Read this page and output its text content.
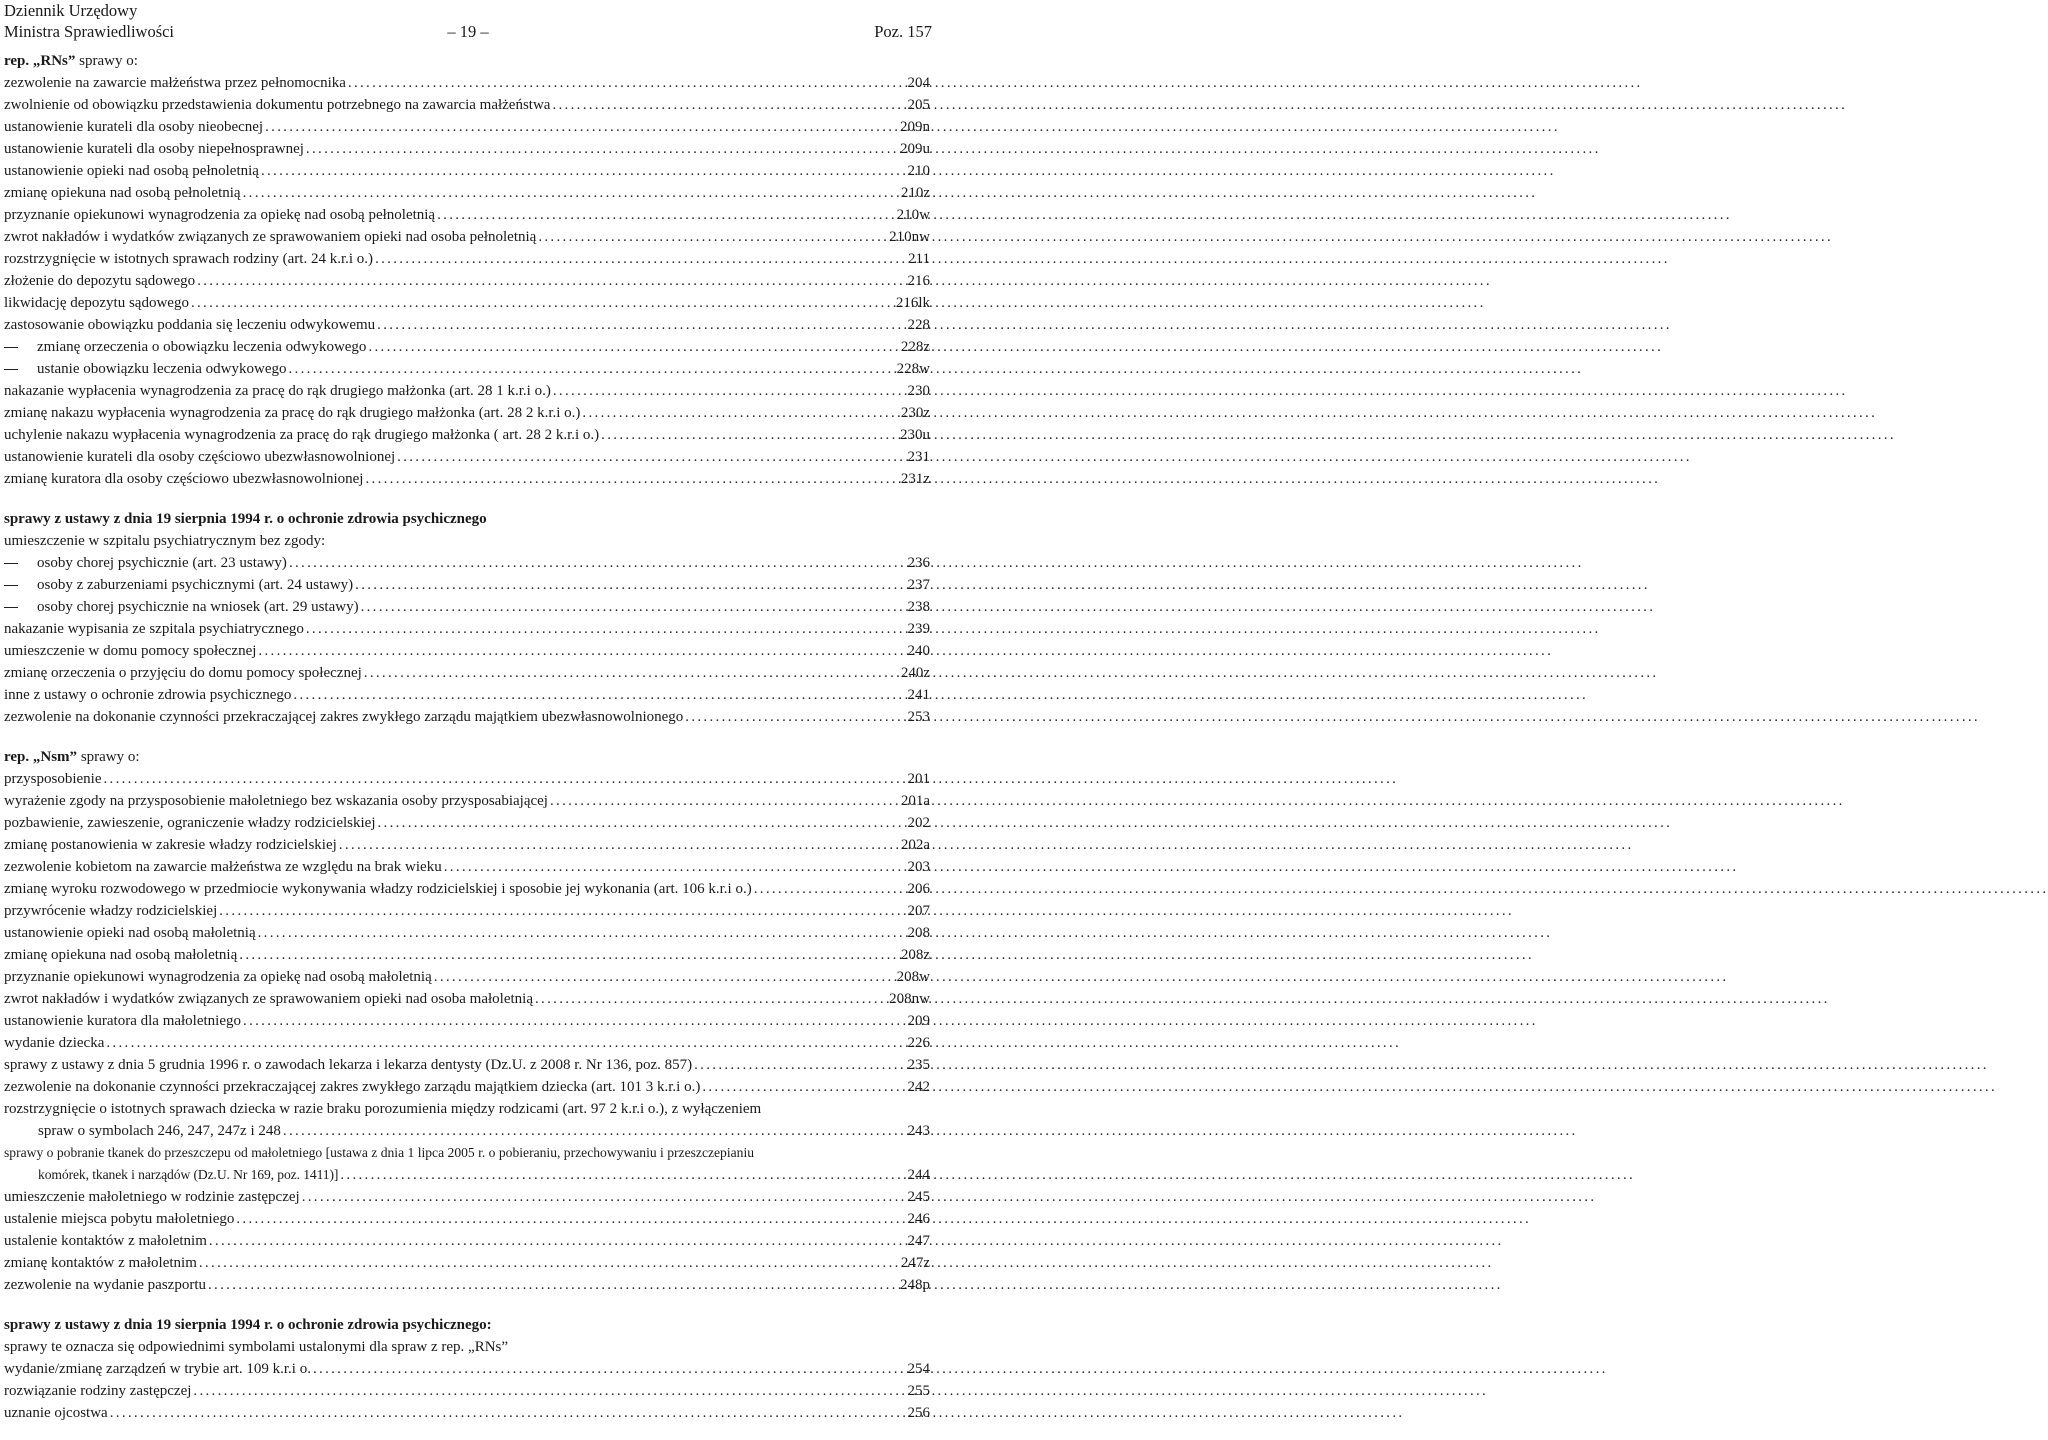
Dziennik Urzędowy
Ministra Sprawiedliwości	– 19 –	Poz. 157
rep. „RNs” sprawy o:
zezwolenie na zawarcie małżeństwa przez pełnomocnika .....	204
zwolnienie od obowiązku przedstawienia dokumentu potrzebnego na zawarcia małżeństwa .....	205
ustanowienie kurateli dla osoby nieobecnej .....	209n
ustanowienie kurateli dla osoby niepełnosprawnej .....	209u
ustanowienie opieki nad osobą pełnoletnią .....	210
zmianę opiekuna nad osobą pełnoletnią .....	210z
przyznanie opiekunowi wynagrodzenia za opiekę nad osobą pełnoletnią .....	210w
zwrot nakładów i wydatków związanych ze sprawowaniem opieki nad osoba pełnoletnią .....	210nw
rozstrzygnięcie w istotnych sprawach rodziny (art. 24 k.r.i o.) .....	211
złożenie do depozytu sądowego .....	216
likwidację depozytu sądowego .....	216lk
zastosowanie obowiązku poddania się leczeniu odwykowemu .....	228
zmianę orzeczenia o obowiązku leczenia odwykowego .....	228z
ustanie obowiązku leczenia odwykowego .....	228w
nakazanie wypłacenia wynagrodzenia za pracę do rąk drugiego małżonka (art. 28 1 k.r.i o.) .....	230
zmianę nakazu wypłacenia wynagrodzenia za pracę do rąk drugiego małżonka (art. 28 2 k.r.i o.) .....	230z
uchylenie nakazu wypłacenia wynagrodzenia za pracę do rąk drugiego małżonka ( art. 28 2 k.r.i o.) .....	230u
ustanowienie kurateli dla osoby częściowo ubezwłasnowolnionej .....	231
zmianę kuratora dla osoby częściowo ubezwłasnowolnionej .....	231z
sprawy z ustawy z dnia 19 sierpnia 1994 r. o ochronie zdrowia psychicznego
umieszczenie w szpitalu psychiatrycznym bez zgody:
osoby chorej psychicznie (art. 23 ustawy) .....	236
osoby z zaburzeniami psychicznymi (art. 24 ustawy) .....	237
osoby chorej psychicznie na wniosek (art. 29 ustawy) .....	238
nakazanie wypisania ze szpitala psychiatrycznego .....	239
umieszczenie w domu pomocy społecznej .....	240
zmianę orzeczenia o przyjęciu do domu pomocy społecznej .....	240z
inne z ustawy o ochronie zdrowia psychicznego .....	241
zezwolenie na dokonanie czynności przekraczającej zakres zwykłego zarządu majątkiem ubezwłasnowolnionego .....	253
rep. „Nsm” sprawy o:
przysposobienie .....	201
wyrażenie zgody na przysposobienie małoletniego bez wskazania osoby przysposabiającej .....	201a
pozbawienie, zawieszenie, ograniczenie władzy rodzicielskiej .....	202
zmianę postanowienia w zakresie władzy rodzicielskiej .....	202a
zezwolenie kobietom na zawarcie małżeństwa ze względu na brak wieku .....	203
zmianę wyroku rozwodowego w przedmiocie wykonywania władzy rodzicielskiej i sposobie jej wykonania (art. 106 k.r.i o.) .....	206
przywrócenie władzy rodzicielskiej .....	207
ustanowienie opieki nad osobą małoletnią .....	208
zmianę opiekuna nad osobą małoletnią .....	208z
przyznanie opiekunowi wynagrodzenia za opiekę nad osobą małoletnią .....	208w
zwrot nakładów i wydatków związanych ze sprawowaniem opieki nad osoba małoletnią .....	208nw
ustanowienie kuratora dla małoletniego .....	209
wydanie dziecka .....	226
sprawy z ustawy z dnia 5 grudnia 1996 r. o zawodach lekarza i lekarza dentysty (Dz.U. z 2008 r. Nr 136, poz. 857) .....	235
zezwolenie na dokonanie czynności przekraczającej zakres zwykłego zarządu majątkiem dziecka (art. 101 3 k.r.i o.) .....	242
rozstrzygnięcie o istotnych sprawach dziecka w razie braku porozumienia między rodzicami (art. 97 2 k.r.i o.), z wyłączeniem
spraw o symbolach 246, 247, 247z i 248 .....	243
sprawy o pobranie tkanek do przeszczepu od małoletniego [ustawa z dnia 1 lipca 2005 r. o pobieraniu, przechowywaniu i przeszczepianiu
komórek, tkanek i narządów (Dz.U. Nr 169, poz. 1411)] .....	244
umieszczenie małoletniego w rodzinie zastępczej .....	245
ustalenie miejsca pobytu małoletniego .....	246
ustalenie kontaktów z małoletnim .....	247
zmianę kontaktów z małoletnim .....	247z
zezwolenie na wydanie paszportu .....	248p
sprawy z ustawy z dnia 19 sierpnia 1994 r. o ochronie zdrowia psychicznego:
sprawy te oznacza się odpowiednimi symbolami ustalonymi dla spraw z rep. „RNs”
wydanie/zmianę zarządzeń w trybie art. 109 k.r.i o. .....	254
rozwiązanie rodziny zastępczej .....	255
uznanie ojcostwa .....	256
